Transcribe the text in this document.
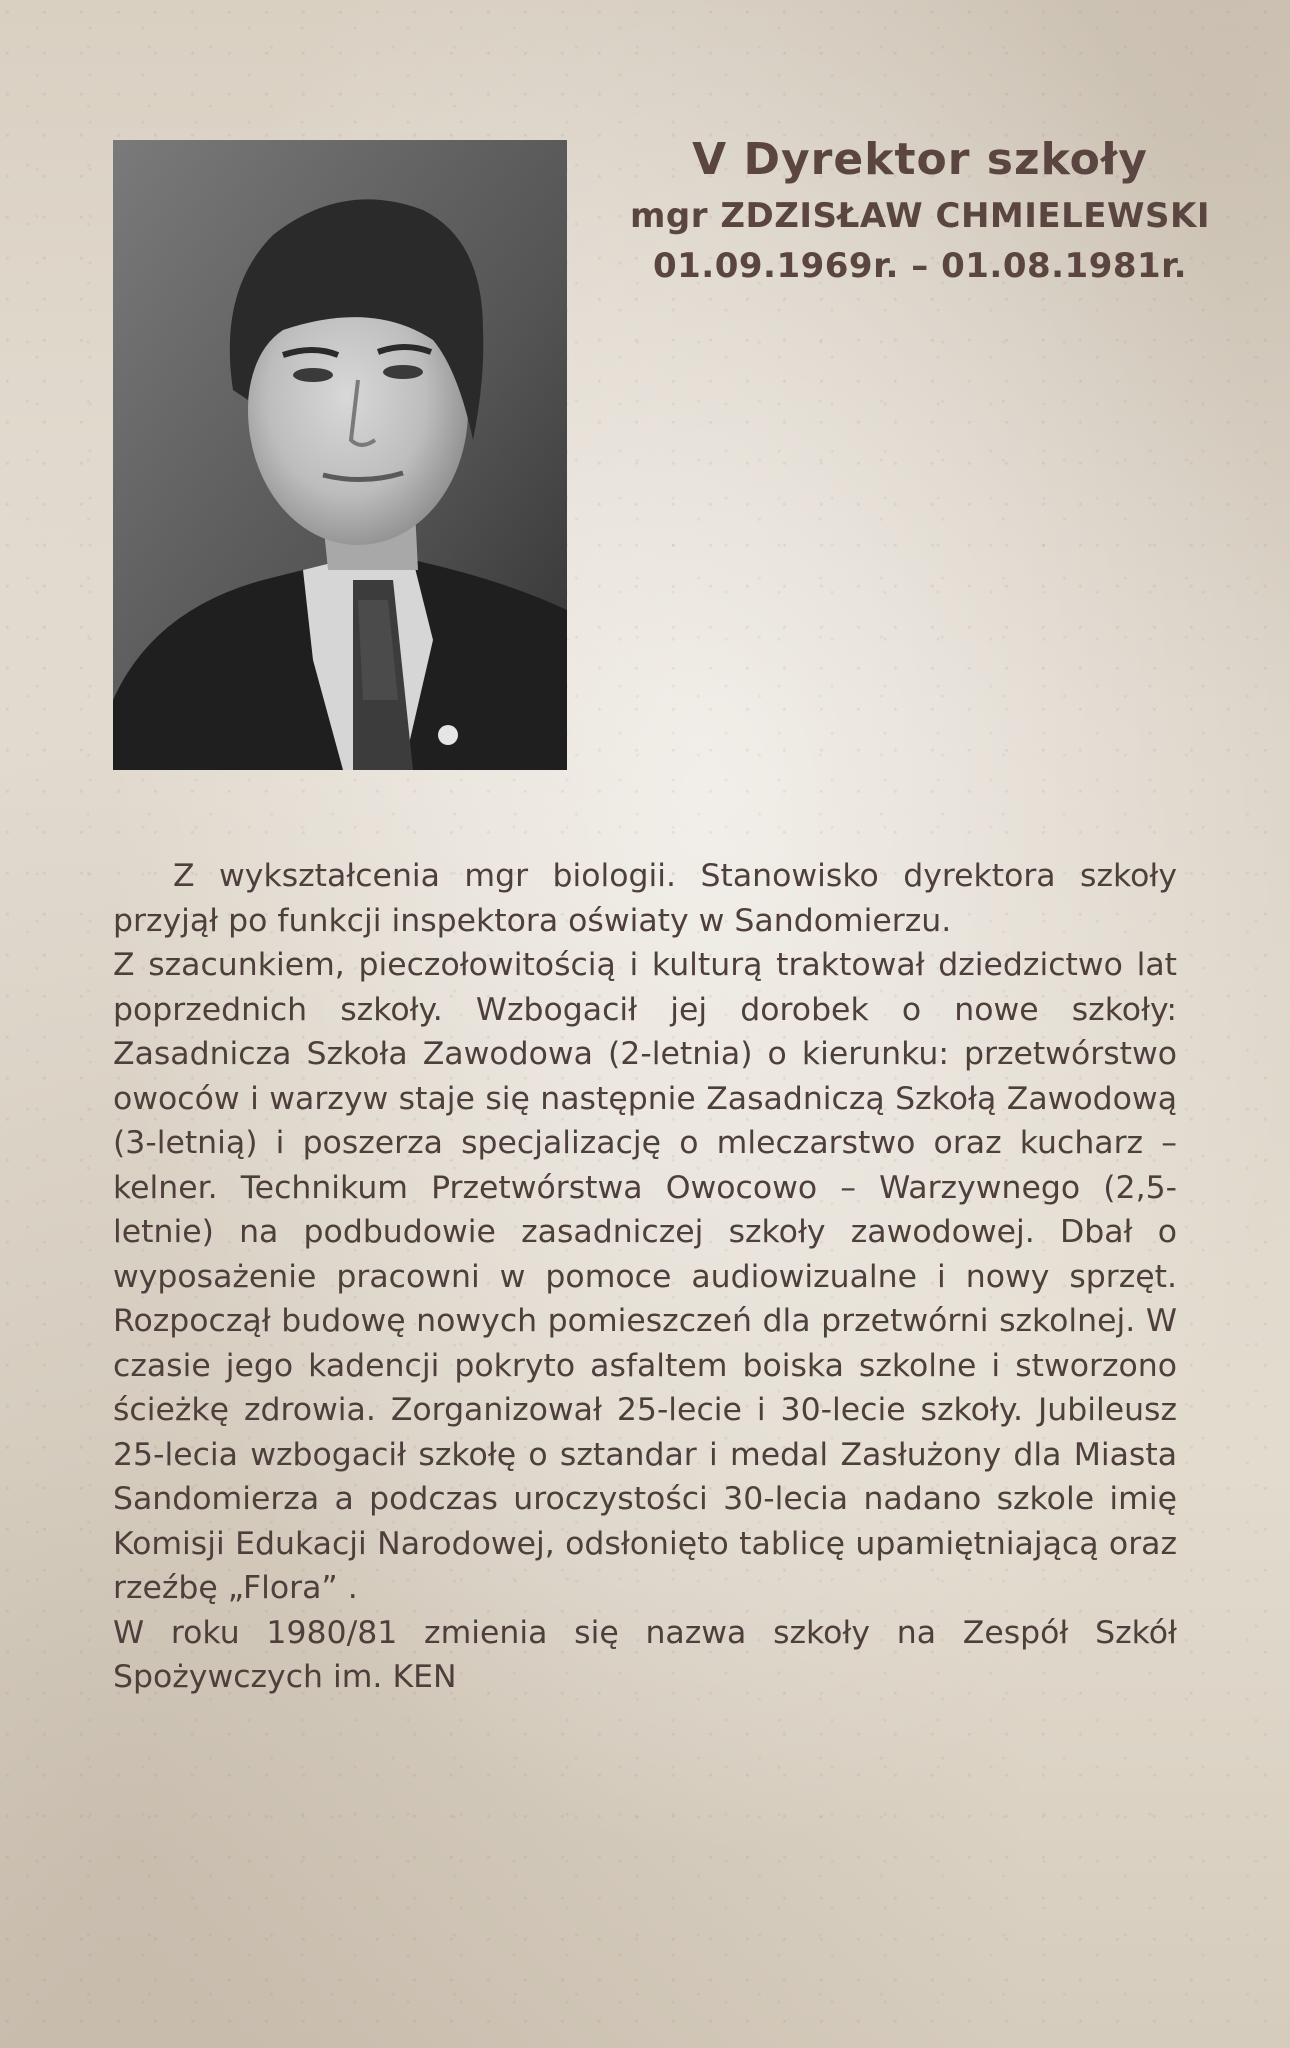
V Dyrektor szkoły
mgr ZDZISŁAW CHMIELEWSKI
01.09.1969r. – 01.08.1981r.

Z wykształcenia mgr biologii. Stanowisko dyrektora szkoły przyjął po funkcji inspektora oświaty w Sandomierzu.

Z szacunkiem, pieczołowitością i kulturą traktował dziedzictwo lat poprzednich szkoły. Wzbogacił jej dorobek o nowe szkoły: Zasadnicza Szkoła Zawodowa (2-letnia) o kierunku: przetwórstwo owoców i warzyw staje się następnie Zasadniczą Szkołą Zawodową (3-letnią) i poszerza specjalizację o mleczarstwo oraz kucharz – kelner. Technikum Przetwórstwa Owocowo – Warzywnego (2,5-letnie) na podbudowie zasadniczej szkoły zawodowej. Dbał o wyposażenie pracowni w pomoce audiowizualne i nowy sprzęt. Rozpoczął budowę nowych pomieszczeń dla przetwórni szkolnej. W czasie jego kadencji pokryto asfaltem boiska szkolne i stworzono ścieżkę zdrowia. Zorganizował 25-lecie i 30-lecie szkoły. Jubileusz 25-lecia wzbogacił szkołę o sztandar i medal Zasłużony dla Miasta Sandomierza a podczas uroczystości 30-lecia nadano szkole imię Komisji Edukacji Narodowej, odsłonięto tablicę upamiętniającą oraz rzeźbę „Flora” .

W roku 1980/81 zmienia się nazwa szkoły na Zespół Szkół Spożywczych im. KEN
